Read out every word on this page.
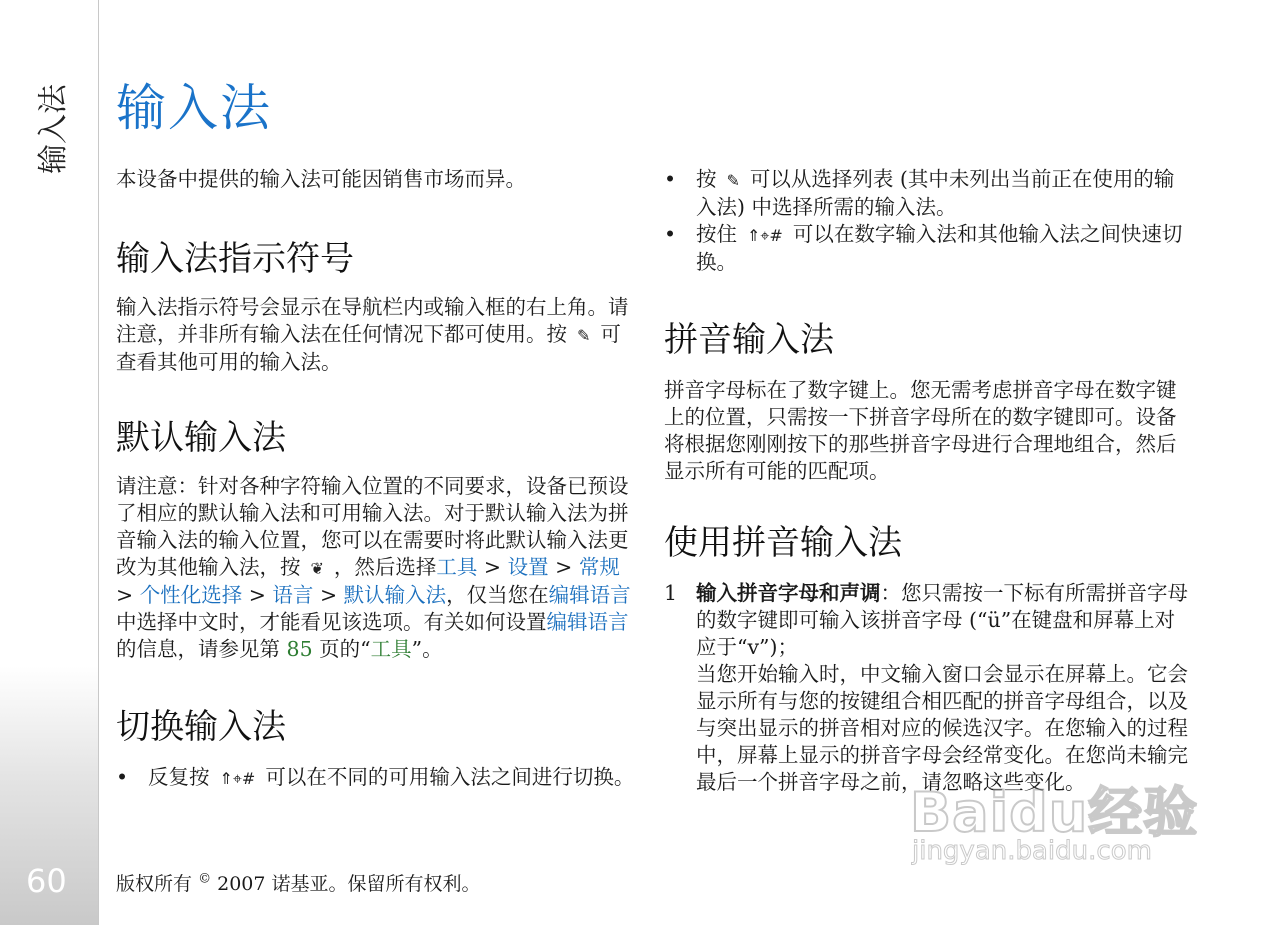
输入法
60
输入法

本设备中提供的输入法可能因销售市场而异。

输入法指示符号

输入法指示符号会显示在导航栏内或输入框的右上角。请注意，并非所有输入法在任何情况下都可使用。按 ✎ 可查看其他可用的输入法。

默认输入法

请注意：针对各种字符输入位置的不同要求，设备已预设了相应的默认输入法和可用输入法。对于默认输入法为拼音输入法的输入位置，您可以在需要时将此默认输入法更改为其他输入法，按 ❦ ，然后选择工具 > 设置 > 常规 > 个性化选择 > 语言 > 默认输入法，仅当您在编辑语言中选择中文时，才能看见该选项。有关如何设置编辑语言的信息，请参见第 85 页的“工具”。

切换输入法
• 反复按 ⇑⌖# 可以在不同的可用输入法之间进行切换。
• 按 ✎ 可以从选择列表 (其中未列出当前正在使用的输入法) 中选择所需的输入法。
• 按住 ⇑⌖# 可以在数字输入法和其他输入法之间快速切换。
拼音输入法

拼音字母标在了数字键上。您无需考虑拼音字母在数字键上的位置，只需按一下拼音字母所在的数字键即可。设备将根据您刚刚按下的那些拼音字母进行合理地组合，然后显示所有可能的匹配项。

使用拼音输入法
1 输入拼音字母和声调：您只需按一下标有所需拼音字母的数字键即可输入该拼音字母 (“ü”在键盘和屏幕上对应于“v”)；
当您开始输入时，中文输入窗口会显示在屏幕上。它会显示所有与您的按键组合相匹配的拼音字母组合，以及与突出显示的拼音相对应的候选汉字。在您输入的过程中，屏幕上显示的拼音字母会经常变化。在您尚未输完最后一个拼音字母之前，请忽略这些变化。
版权所有 © 2007 诺基亚。保留所有权利。
Baidu经验
jingyan.baidu.com
